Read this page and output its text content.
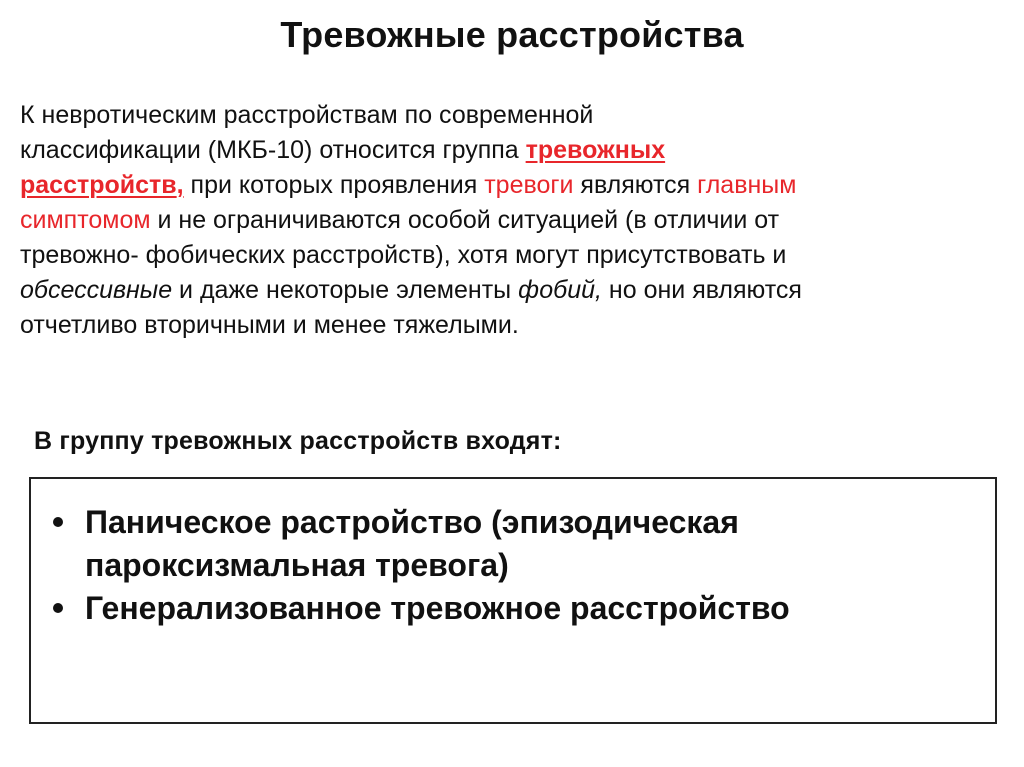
Тревожные расстройства
К невротическим расстройствам по современной
классификации (МКБ-10) относится группа тревожных
расстройств, при которых проявления тревоги являются главным
симптомом и не ограничиваются особой ситуацией (в отличии от
тревожно- фобических расстройств), хотя могут присутствовать и
обсессивные и даже некоторые элементы фобий, но они являются
отчетливо вторичными и менее тяжелыми.
В группу тревожных расстройств входят:
Паническое растройство (эпизодическая
пароксизмальная тревога)
Генерализованное тревожное расстройство
